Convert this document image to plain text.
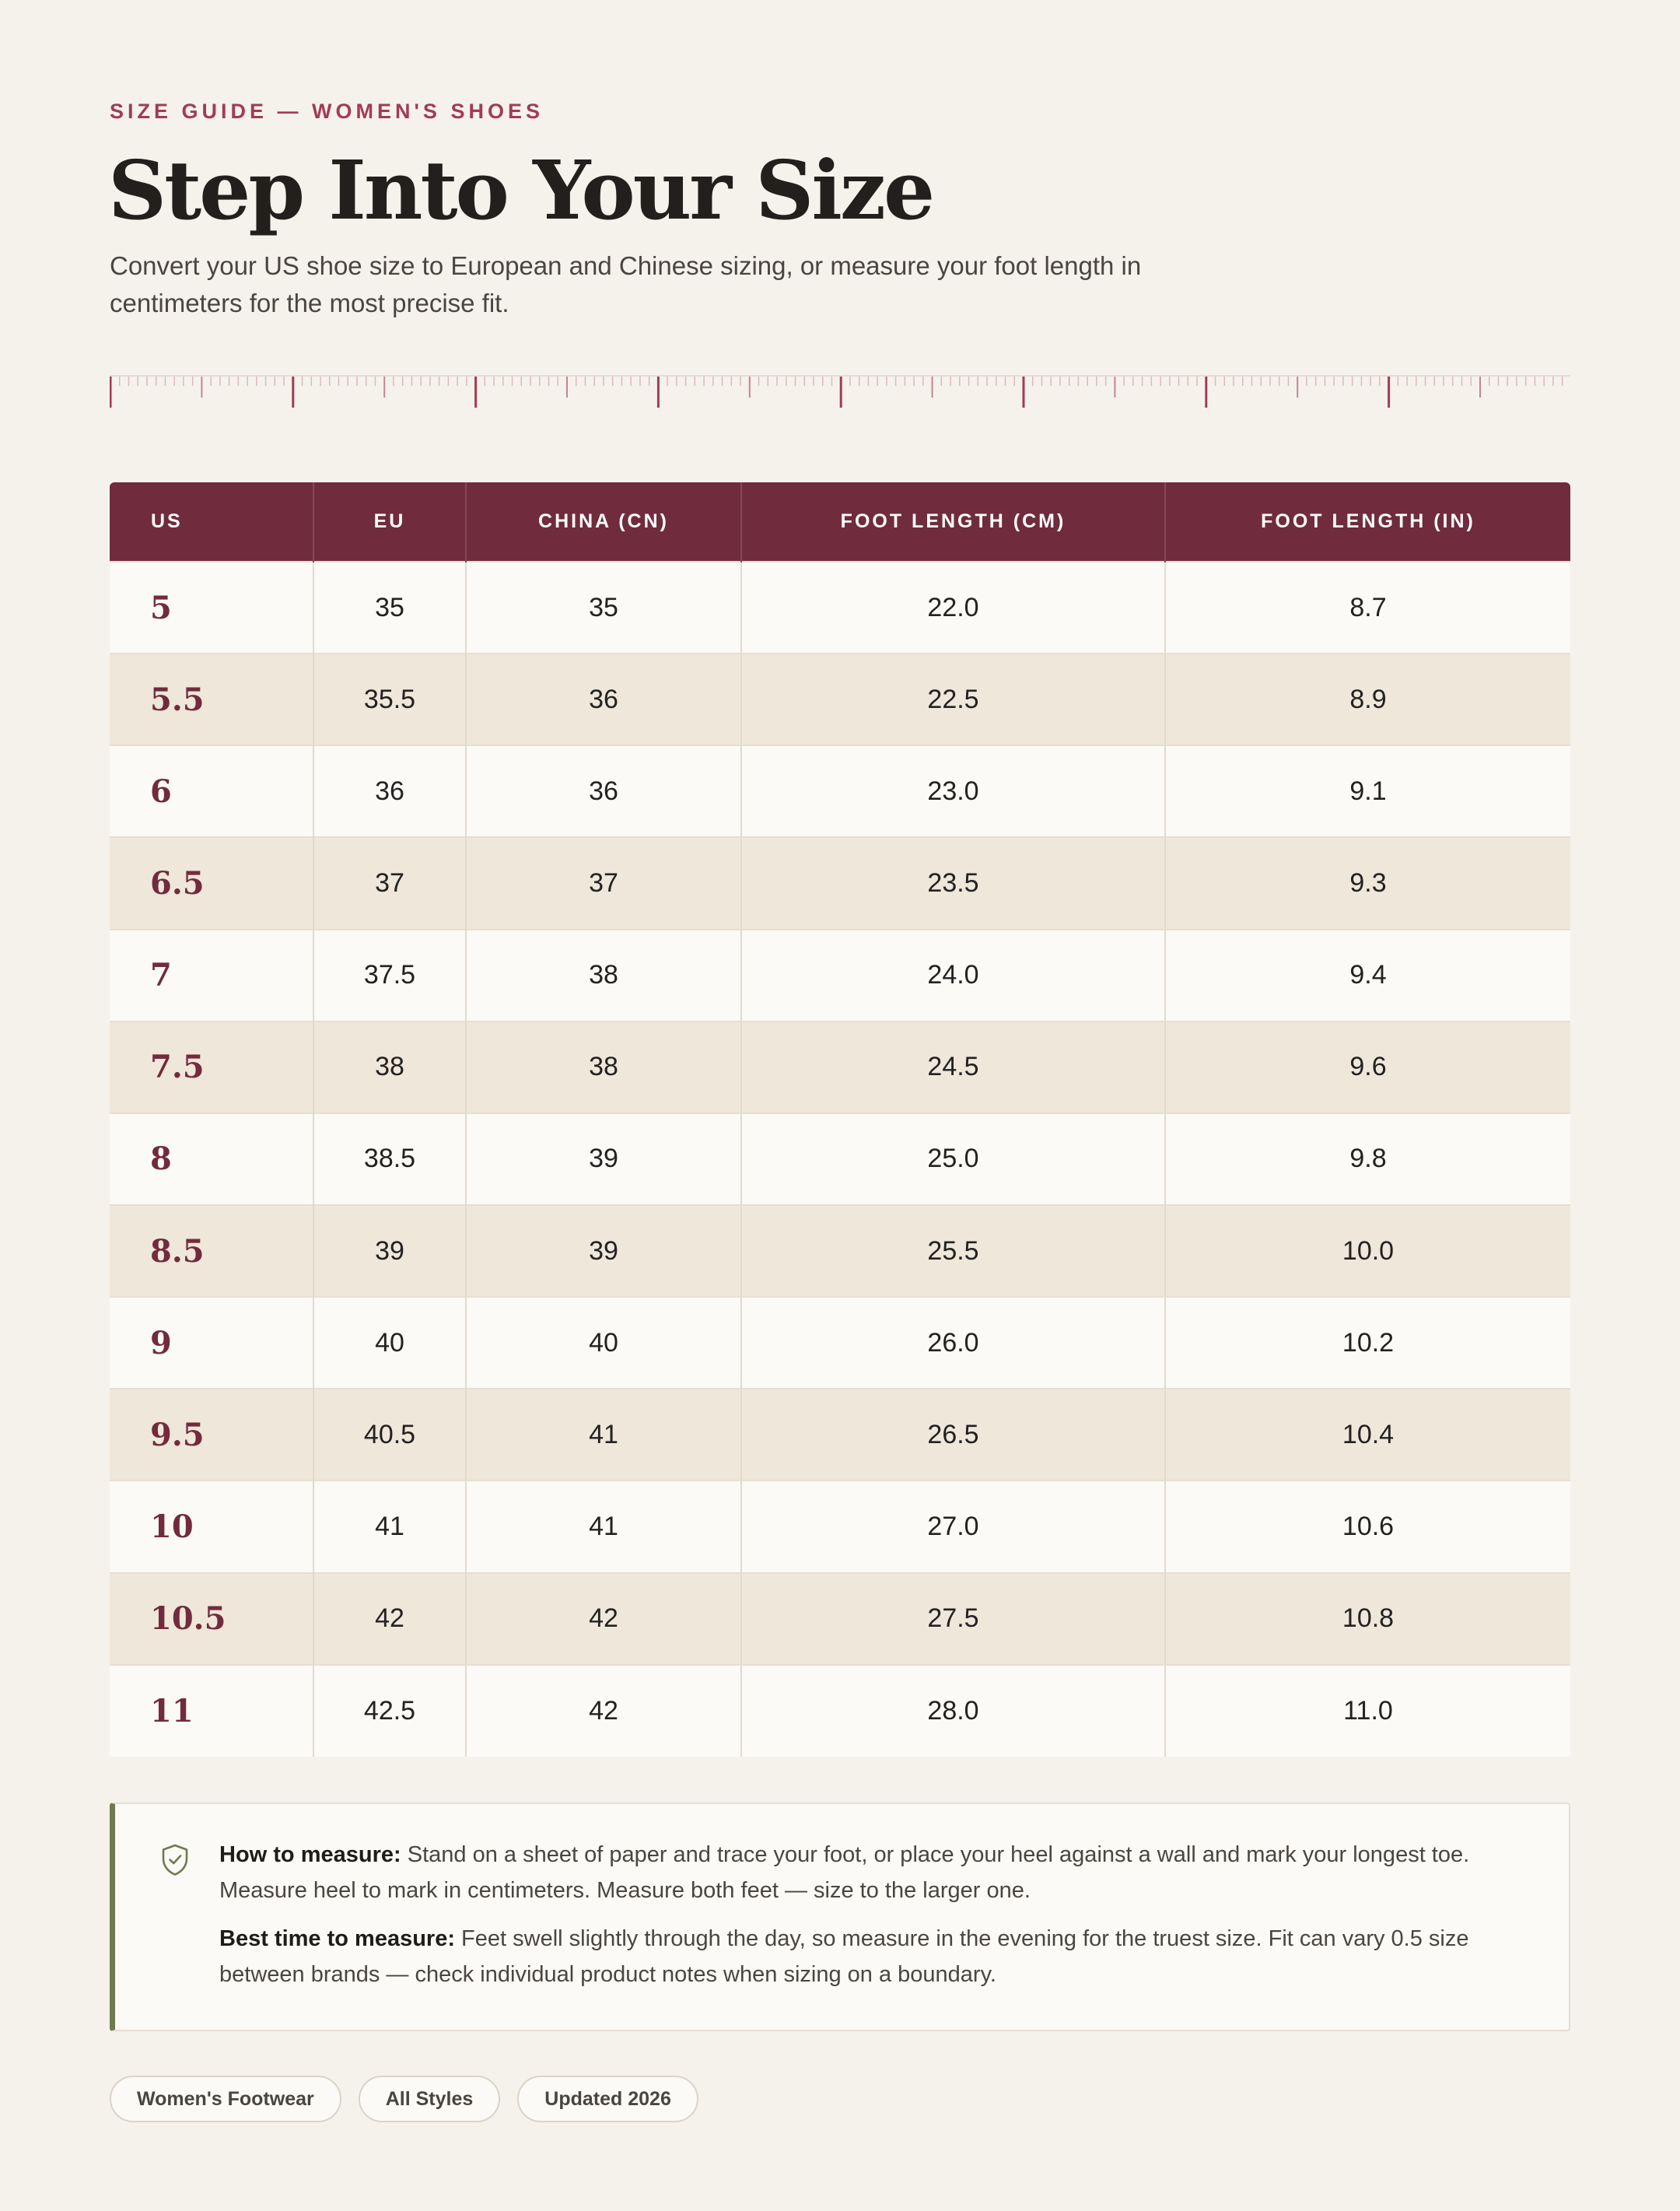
SIZE GUIDE — WOMEN'S SHOES
Step Into Your Size

Convert your US shoe size to European and Chinese sizing, or measure your foot length in centimeters for the most precise fit.

US	EU	CHINA (CN)	FOOT LENGTH (CM)	FOOT LENGTH (IN)
5	35	35	22.0	8.7
5.5	35.5	36	22.5	8.9
6	36	36	23.0	9.1
6.5	37	37	23.5	9.3
7	37.5	38	24.0	9.4
7.5	38	38	24.5	9.6
8	38.5	39	25.0	9.8
8.5	39	39	25.5	10.0
9	40	40	26.0	10.2
9.5	40.5	41	26.5	10.4
10	41	41	27.0	10.6
10.5	42	42	27.5	10.8
11	42.5	42	28.0	11.0

How to measure: Stand on a sheet of paper and trace your foot, or place your heel against a wall and mark your longest toe. Measure heel to mark in centimeters. Measure both feet — size to the larger one.

Best time to measure: Feet swell slightly through the day, so measure in the evening for the truest size. Fit can vary 0.5 size between brands — check individual product notes when sizing on a boundary.

Women's Footwear	All Styles	Updated 2026
